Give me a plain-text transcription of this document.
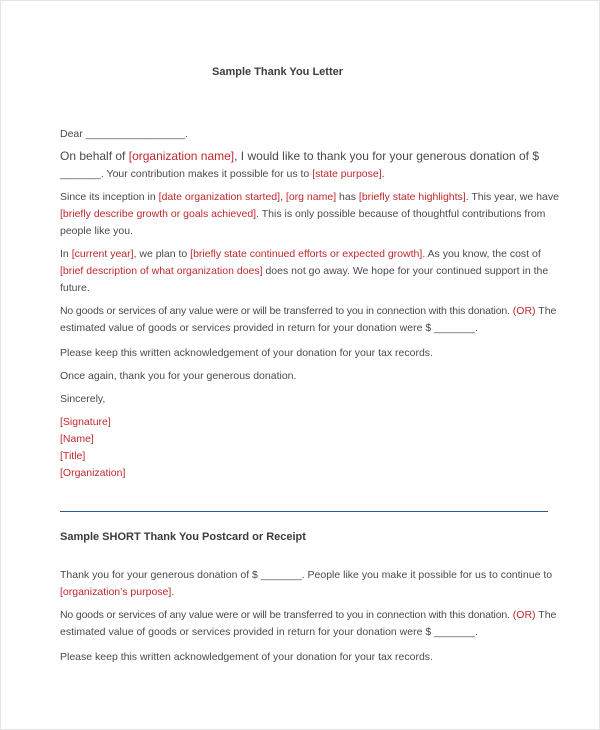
Sample Thank You Letter
Dear _________________.
On behalf of [organization name], I would like to thank you for your generous donation of $
_______. Your contribution makes it possible for us to [state purpose].
Since its inception in [date organization started], [org name] has [briefly state highlights]. This year, we have
[briefly describe growth or goals achieved]. This is only possible because of thoughtful contributions from
people like you.
In [current year], we plan to [briefly state continued efforts or expected growth]. As you know, the cost of
[brief description of what organization does] does not go away. We hope for your continued support in the
future.
No goods or services of any value were or will be transferred to you in connection with this donation. (OR) The
estimated value of goods or services provided in return for your donation were $ _______.
Please keep this written acknowledgement of your donation for your tax records.
Once again, thank you for your generous donation.
Sincerely,
[Signature]
[Name]
[Title]
[Organization]
Sample SHORT Thank You Postcard or Receipt
Thank you for your generous donation of $ _______. People like you make it possible for us to continue to
[organization’s purpose].
No goods or services of any value were or will be transferred to you in connection with this donation. (OR) The
estimated value of goods or services provided in return for your donation were $ _______.
Please keep this written acknowledgement of your donation for your tax records.
